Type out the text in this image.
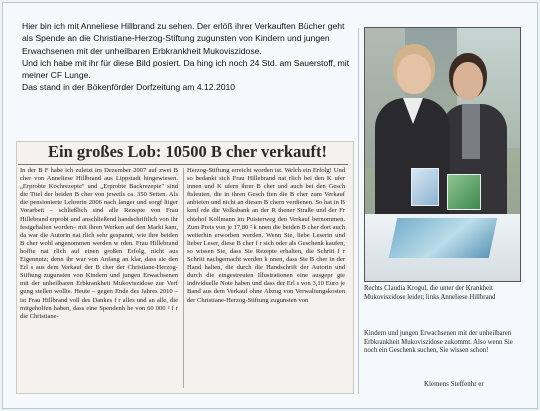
Hier bin ich mit Anneliese Hillbrand zu sehen. Der erlöß ihrer Verkauften Bücher geht als Spende an die Christiane-Herzog-Stiftung zugunsten von Kindern und jungen Erwachsenen mit der unheilbaren Erbkrankheit Mukoviszidose.

Und ich habe mit ihr für diese Bild posiert. Da hing ich noch 24 Std. am Sauerstoff, mit meiner CF Lunge.

Das stand in der Bökenförder Dorfzeitung am 4.12.2010

Ein großes Lob: 10500 B cher verkauft!

In der B F habe ich zuletzt im Dezember 2007 auf zwei B cher von Anneliese Hillbrand aus Lippstadt hingewiesen. „Erprobte Kochrezepte" und „Erprobte Backrezepte" sind die Titel der beiden B cher von jeweils ca. 350 Seiten. Als die pensionierte Lehrerin 2006 nach langer und sorgf ltiger Vorarbeit – schließlich sind alle Rezepte von Frau Hillebrand erprobt und anschließend handschriftlich von ihr festgehalten worden– mit ihren Werken auf den Markt kam, da war die Autorin nat rlich sehr gespannt, wie ihre beiden B cher wohl angenommen werden w rden. Frau Hillebrand hoffte nat rlich auf einen großen Erfolg, nicht aus Eigennutz; denn ihr war von Anfang an klar, dass sie den Erl s aus dem Verkauf der B cher der Christiane-Herzog-Stiftung zugunsten von Kindern und jungen Erwachsenen mit der unheilbaren Erbkrankheit Mukoviszidose zur Verf gung stellen wollte. Heute – gegen Ende des Jahres 2010 – ist Frau Hillbrand voll des Dankes f r alles und an alle, die mitgeholfen haben, dass eine Spendenh he von 60 000 ² f r die Christiane-

Herzog-Stiftung erreicht worden ist. Welch ein Erfolg! Und so bedankt sich Frau Hillebrand nat rlich bei den K ufer innen und K ufern ihrer B cher und auch bei den Gesch ftsleuten, die in ihren Gesch ften die B cher zum Verkauf anbieten und nicht an diesen B chern verdienen. So hat in B kenf rde die Volksbank an der R thener Straße und der Fr chtehof Kollmann im Puisterweg den Verkauf bernommen. Zum Preis von je 17,80 ² k nnen die beiden B cher dort auch weiterhin erworben werden. Wenn Sie, liebe Leserin und lieber Leser, diese B cher f r sich oder als Geschenk kaufen, so wissen Sie, dass Sie Rezepte erhalten, die Schritt f r Schritt nachgemacht werden k nnen, dass Sie B cher in der Hand halten, die durch die Handschrift der Autorin und durch die eingestreuten Illustrationen eine ausgepr gte individuelle Note haben und dass der Erl s von 3,10 Euro je Band aus dem Verkauf ohne Abzug von Verwaltungskosten der Christiane-Herzog-Stiftung zugunsten von

Rechts Claudia Krogul, die unter der Krankheit Mukoviszidose leidet; links Anneliese Hillbrand
Kindern und jungen Erwachsenen mit der unheilbaren Erbkrankheit Mukoviszidose zukommt. Also wenn Sie noch ein Geschenk suchen, Sie wissen schon!
Klemens Steffenhr er
